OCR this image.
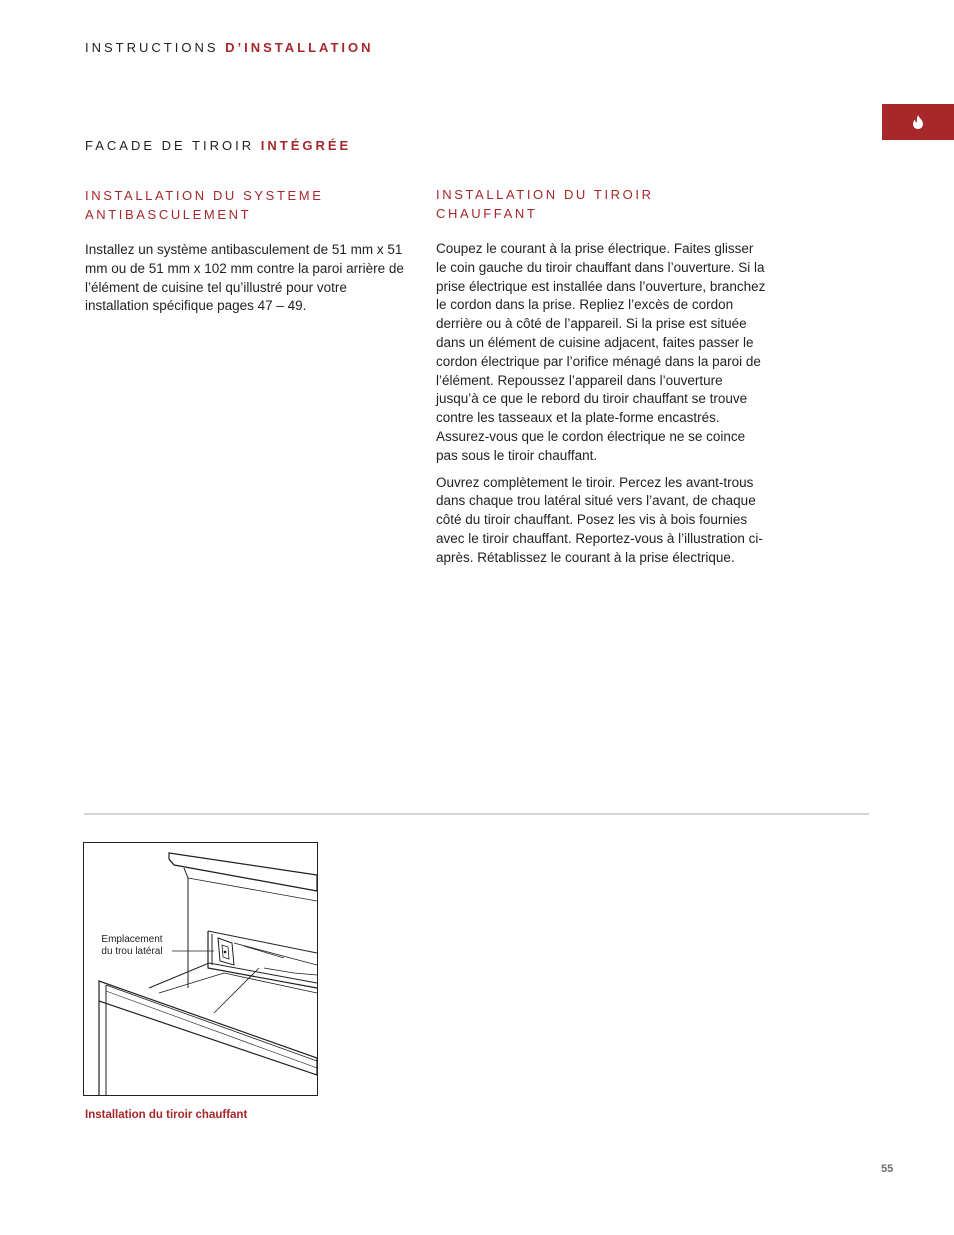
INSTRUCTIONS D’INSTALLATION
FACADE DE TIROIR INTÉGRÉE
INSTALLATION DU SYSTEME
ANTIBASCULEMENT

Installez un système antibasculement de 51 mm x 51 mm ou de 51 mm x 102 mm contre la paroi arrière de l’élément de cuisine tel qu’illustré pour votre installation spécifique pages 47 – 49.

INSTALLATION DU TIROIR
CHAUFFANT

Coupez le courant à la prise électrique. Faites glisser le coin gauche du tiroir chauffant dans l’ouverture. Si la prise électrique est installée dans l’ouverture, branchez le cordon dans la prise. Repliez l’excès de cordon derrière ou à côté de l’appareil. Si la prise est située dans un élément de cuisine adjacent, faites passer le cordon électrique par l’orifice ménagé dans la paroi de l’élément. Repoussez l’appareil dans l’ouverture jusqu’à ce que le rebord du tiroir chauffant se trouve contre les tasseaux et la plate-forme encastrés. Assurez-vous que le cordon électrique ne se coince pas sous le tiroir chauffant.

Ouvrez complètement le tiroir. Percez les avant-trous dans chaque trou latéral situé vers l’avant, de chaque côté du tiroir chauffant. Posez les vis à bois fournies avec le tiroir chauffant. Reportez-vous à l’illustration ci-après. Rétablissez le courant à la prise électrique.

Emplacement
du trou latéral
Installation du tiroir chauffant
55
